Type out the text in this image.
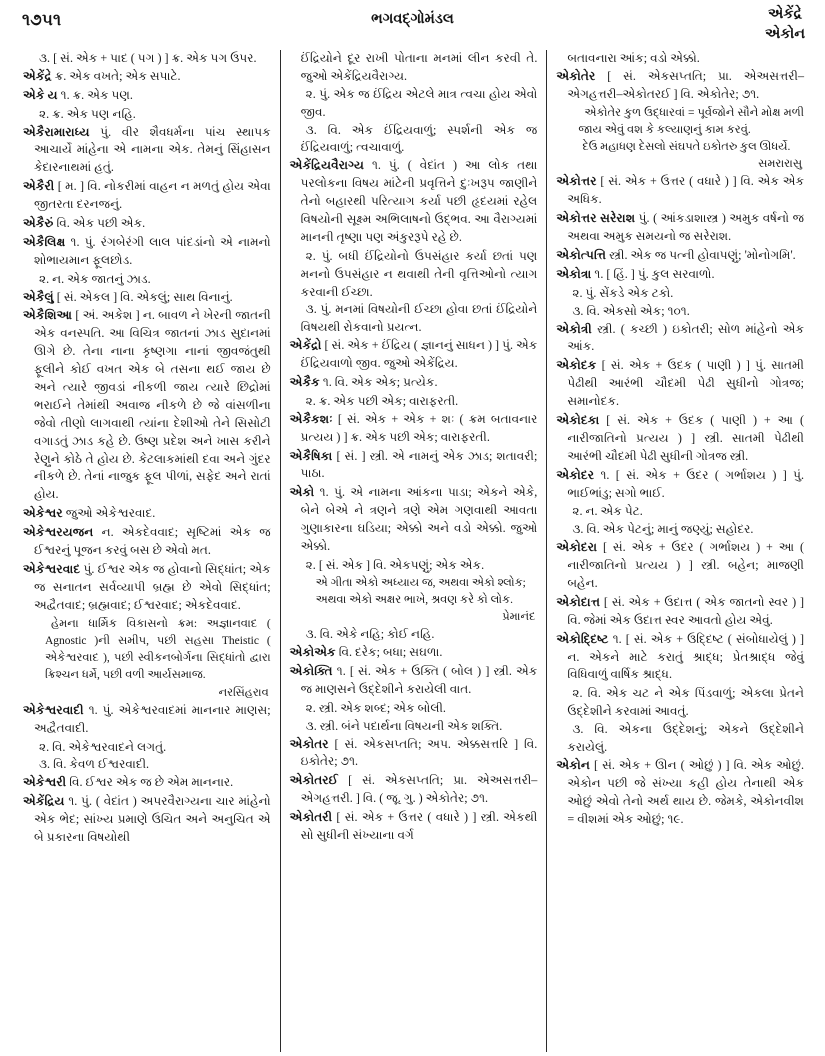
૧૭૫૧	ભગવદ્ગોમંડલ	એકેંદ્રે
એકોન

૩. [ સં. એક + પાદ ( પગ ) ] ક્ર. એક પગ ઉપર.

એકેંદ્રે ક્ર. એક વખતે; એક સપાટે.

એકે ય ૧. ક્ર. એક પણ.

૨. ક્ર. એક પણ નહિ.

એકૈરામારાધ્ય પું. વીર શૈવધર્મના પાંચ સ્થાપક આચાર્યે માંહેના એ નામના એક. તેમનું સિંહાસન કેદારનાથમાં હતું.

એકૈરી [ મ. ] વિ. નોકરીમાં વાહન ન મળતું હોય એવા જીતરતા દરનજનું.

એકૈરું વિ. એક પછી એક.

એકૈલિક્ષ ૧. પું. રંગબેરંગી લાલ પાંદડાંનો એ નામનો શોભાયમાન ફૂલછોડ.

૨. ન. એક જાતનું ઝાડ.

એકૈલું [ સં. એકલ ] વિ. એકલું; સાથ વિનાનું.

એકૈશિઆ [ અં. અકેશ ] ન. બાવળ ને ખેરની જાતની એક વનસ્પતિ. આ વિચિત્ર જાતનાં ઝાડ સુદાનમાં ઊગે છે. તેના નાના કૃષ્ણગા નાનાં જીવજંતુથી ફૂલીને કોઈ વખત એક બે તસના થઈ જાય છે અને ત્યારે જીવડાં નીકળી જાય ત્યારે છિદ્રોમાં ભરાઈને તેમાંથી અવાજ નીકળે છે જે વાંસળીના જેવો તીણો લાગવાથી ત્યાંના દેશીઓ તેને સિસોટી વગાડતું ઝાડ કહે છે. ઉષ્ણ પ્રદેશ અને ખાસ કરીને રેણુને કોઠે તે હોય છે. કેટલાકમાંથી દવા અને ગુંદર નીકળે છે. તેનાં નાજુક ફૂલ પીળાં, સફેદ અને રાતાં હોય.

એકેશ્વર જુઓ એકેશ્વરવાદ.

એકેશ્વરયજન ન. એકદેવવાદ; સૃષ્ટિમાં એક જ ઈશ્વરનું પૂજન કરવું બસ છે એવો મત.

એકેશ્વરવાદ પું. ઈશ્વર એક જ હોવાનો સિદ્ધાંત; એક જ સનાતન સર્વવ્યાપી બ્રહ્મ છે એવો સિદ્ધાંત; અદ્વૈતવાદ; બ્રહ્મવાદ; ઈશ્વરવાદ; એકદેવવાદ.

હેમના ધાર્મિક વિકાસનો ક્રમ: અજ્ઞાનવાદ ( Agnostic )ની સમીપ, પછી સહસા Theistic ( એકેશ્વરવાદ ), પછી સ્વીકનબોર્ગના સિદ્ધાંતો દ્વારા ક્રિશ્ચન ધર્મે, પછી વળી આર્યસમાજ.

નરસિંહરાવ

એકેશ્વરવાદી ૧. પું. એકેશ્વરવાદમાં માનનાર માણસ; અદ્વૈતવાદી.

૨. વિ. એકેશ્વરવાદને લગતું.

૩. વિ. કેવળ ઈશ્વરવાદી.

એકેશ્વરી વિ. ઈશ્વર એક જ છે એમ માનનાર.

એકેંદ્રિય ૧. પું. ( વેદાંત ) અપરવૈરાગ્યના ચાર માંહેનો એક ભેદ; સાંખ્ય પ્રમાણે ઉચિત અને અનુચિત એ બે પ્રકારના વિષયોથી

ઈંદ્રિયોને દૂર રાખી પોતાના મનમાં લીન કરવી તે. જુઓ એકેંદ્રિયવૈરાગ્ય.

૨. પું. એક જ ઈંદ્રિય એટલે માત્ર ત્વચા હોય એવો જીવ.

૩. વિ. એક ઈંદ્રિયવાળું; સ્પર્શની એક જ ઈંદ્રિયવાળું; ત્વચાવાળું.

એકેંદ્રિયવૈરાગ્ય ૧. પું. ( વેદાંત ) આ લોક તથા પરલોકના વિષય માંટેની પ્રવૃત્તિને દુઃખરૂપ જાણીને તેનો બહારથી પરિત્યાગ કર્યા પછી હૃદયમાં રહેલ વિષયોની સૂક્ષ્મ અભિલાષનો ઉદ્‌ભવ. આ વૈરાગ્યમાં માનની તૃષ્ણા પણ અંકુરરૂપે રહે છે.

૨. પું. બધી ઈંદ્રિયોનો ઉપસંહાર કર્યા છતાં પણ મનનો ઉપસંહાર ન થવાથી તેની વૃત્તિઓનો ત્યાગ કરવાની ઈચ્છા.

૩. પું. મનમાં વિષયોની ઈચ્છા હોવા છતાં ઈંદ્રિયોને વિષયથી રોકવાનો પ્રયત્ન.

એકેંદ્રો [ સં. એક + ઈંદ્રિય ( જ્ઞાનનું સાધન ) ] પું. એક ઈંદ્રિયવાળો જીવ. જુઓ એકેંદ્રિય.

એકૈક ૧. વિ. એક એક; પ્રત્યેક.

૨. ક્ર. એક પછી એક; વારાફરતી.

એકૈકશઃ [ સં. એક + એક + શઃ ( ક્રમ બતાવનાર પ્રત્યય ) ] ક્ર. એક પછી એક; વારાફરતી.

એકૈષિકા [ સં. ] સ્ત્રી. એ નામનું એક ઝાડ; શતાવરી; પાઠા.

એકો ૧. પું. એ નામના આંકના પાડા; એકને એકે, બેને બેએ ને ત્રણને ત્રણે એમ ગણવાથી આવતા ગુણાકારના ઘડિયા; એક્કો અને વડો એક્કો. જુઓ એક્કો.

૨. [ સં. એક ] વિ. એકપણું; એક એક.

એ ગીતા એકો અધ્યાય જ, અથવા એકો શ્લોક; અથવા એકો અક્ષર ભાખે, શ્રવણ કરે કો લોક.

પ્રેમાનંદ

૩. વિ. એકે નહિ; કોઈ નહિ.

એકોએક વિ. દરેક; બધા; સઘળા.

એકોક્તિ ૧. [ સં. એક + ઉક્તિ ( બોલ ) ] સ્ત્રી. એક જ માણસને ઉદ્દેશીને કરાયેલી વાત.

૨. સ્ત્રી. એક શબ્દ; એક બોલી.

૩. સ્ત્રી. બંને પદાર્થના વિષયની એક શક્તિ.

એકોતર [ સં. એકસપ્તતિ; અપ. એક્કસત્તરિ ] વિ. ઇકોતેર; ૭૧.

એકોતરઈ [ સં. એકસપ્તતિ; પ્રા. એઅસત્તરી–એગહત્તરી. ] વિ. ( જૂ. ગુ. ) એકોતેર; ૭૧.

એકોતરી [ સં. એક + ઉત્તર ( વધારે ) ] સ્ત્રી. એકથી સો સુધીની સંખ્યાના વર્ગ

બતાવનારા આંક; વડો એક્કો.

એકોતેર [ સં. એકસપ્તતિ; પ્રા. એઅસત્તરી–એગહત્તરી–એકોતરઈ ] વિ. એકોતેર; ૭૧.

એકોતેર કુળ ઉદ્ધારવાં = પૂર્વજોને સૌને મોક્ષ મળી જાય એવું વશ કે કલ્યાણનું કામ કરવું.

દેઉ મહાધણ દેસલો સંઘપતે ઇકોતરુ કુલ ઊધર્યે.

સમરારાસુ

એકોત્તર [ સં. એક + ઉત્તર ( વધારે ) ] વિ. એક એક અધિક.

એકોત્તર સરેરાશ પું. ( આંકડાશાસ્ત્ર ) અમુક વર્ષનો જ અથવા અમુક સમયનો જ સરેરાશ.

એકોત્પત્તિ સ્ત્રી. એક જ પત્ની હોવાપણું; 'મોનોગમિ'.

એકોત્રા ૧. [ હિં. ] પું. કુલ સરવાળો.

૨. પું. સેંકડે એક ટકો.

૩. વિ. એકસો એક; ૧૦૧.

એકોત્રી સ્ત્રી. ( કચ્છી ) ઇકોતરી; સોળ માંહેનો એક આંક.

એકોદક [ સં. એક + ઉદક ( પાણી ) ] પું. સાતમી પેઢીથી આરંભી ચૌદમી પેઢી સુધીનો ગોત્રજ; સમાનોદક.

એકોદકા [ સં. એક + ઉદક ( પાણી ) + આ ( નારીજાતિનો પ્રત્યય ) ] સ્ત્રી. સાતમી પેઢીથી આરંભી ચૌદમી પેઢી સુધીની ગોત્રજ સ્ત્રી.

એકોદર ૧. [ સં. એક + ઉદર ( ગર્ભાશય ) ] પું. ભાઈભાંડુ; સગો ભાઈ.

૨. ન. એક પેટ.

૩. વિ. એક પેટનું; માનું જણ્યું; સહોદર.

એકોદરા [ સં. એક + ઉદર ( ગર્ભાશય ) + આ ( નારીજાતિનો પ્રત્યય ) ] સ્ત્રી. બહેન; માજણી બહેન.

એકોદાત્ત [ સં. એક + ઉદાત્ત ( એક જાતનો સ્વર ) ] વિ. જેમાં એક ઉદાત્ત સ્વર આવતો હોય એવું.

એકોદ્દિષ્ટ ૧. [ સં. એક + ઉદ્દિષ્ટ ( સંબોધાયેલું ) ] ન. એકને માટે કરાતું શ્રાદ્ધ; પ્રેતશ્રાદ્ધ જેવું વિધિવાળું વાર્ષિક શ્રાદ્ધ.

૨. વિ. એક ચટ ને એક પિંડવાળું; એકલા પ્રેતને ઉદ્દેશીને કરવામાં આવતું.

૩. વિ. એકના ઉદ્દેશનું; એકને ઉદ્દેશીને કરાયેલું.

એકોન [ સં. એક + ઊન ( ઓછું ) ] વિ. એક ઓછું. એકોન પછી જે સંખ્યા કહી હોય તેનાથી એક ઓછું એવો તેનો અર્થ થાય છે. જેમકે, એકોનવીશ = વીશમાં એક ઓછું; ૧૯.
